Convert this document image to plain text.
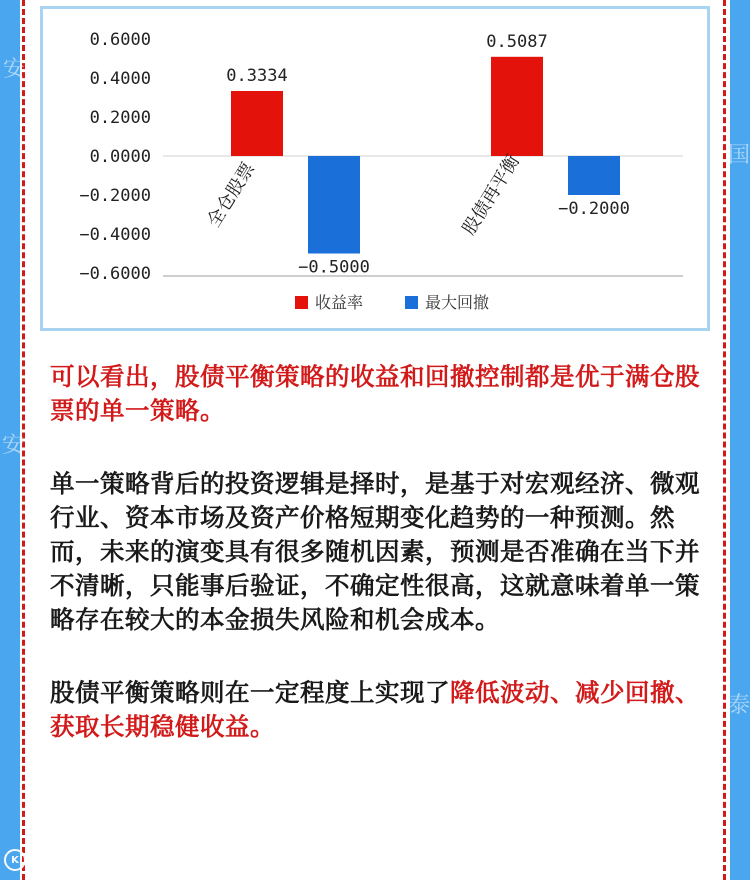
安
国
安证
泰
0.6000
0.4000
0.2000
0.0000
−0.2000
−0.4000
−0.6000
0.3334
−0.5000
全仓股票
0.5087
−0.2000
股债再平衡
收益率	最大回撤

可以看出，股债平衡策略的收益和回撤控制都是优于满仓股票的单一策略。

单一策略背后的投资逻辑是择时，是基于对宏观经济、微观行业、资本市场及资产价格短期变化趋势的一种预测。然而，未来的演变具有很多随机因素，预测是否准确在当下并不清晰，只能事后验证，不确定性很高，这就意味着单一策略存在较大的本金损失风险和机会成本。

股债平衡策略则在一定程度上实现了降低波动、减少回撤、获取长期稳健收益。

K 大鼠跨境
